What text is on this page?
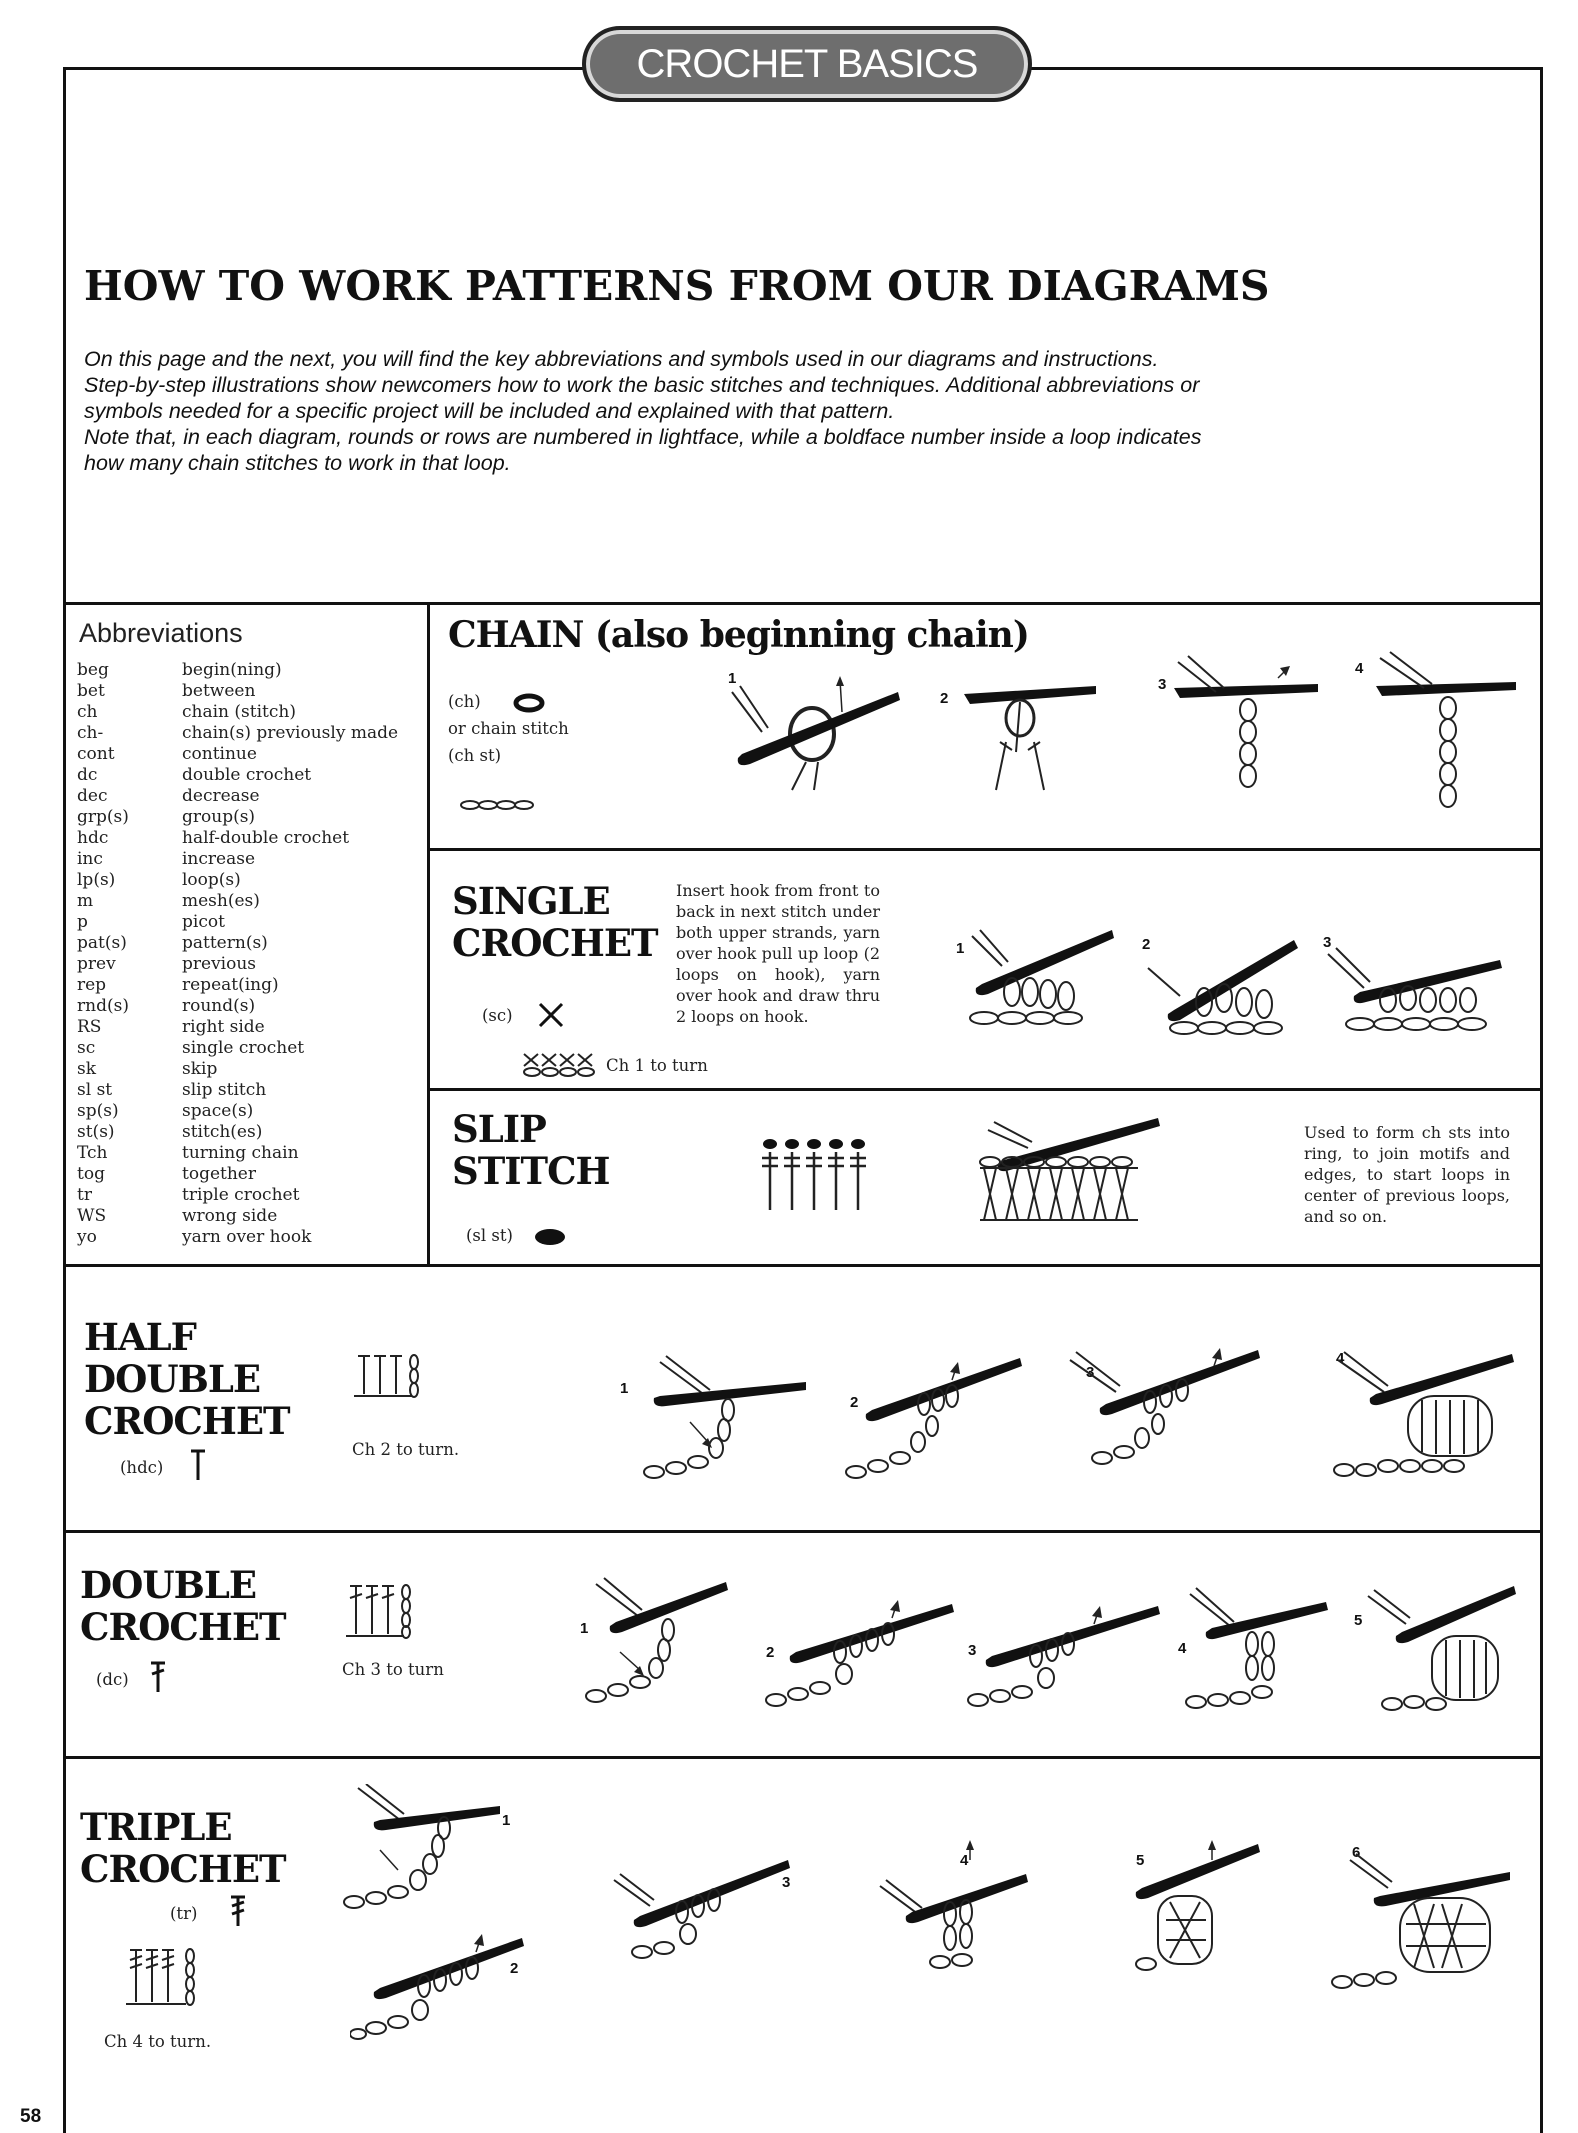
CROCHET BASICS
HOW TO WORK PATTERNS FROM OUR DIAGRAMS

On this page and the next, you will find the key abbreviations and symbols used in our diagrams and instructions.

Step-by-step illustrations show newcomers how to work the basic stitches and techniques. Additional abbreviations or

symbols needed for a specific project will be included and explained with that pattern.

Note that, in each diagram, rounds or rows are numbered in lightface, while a boldface number inside a loop indicates

how many chain stitches to work in that loop.

Abbreviations
beg	begin(ning)
bet	between
ch	chain (stitch)
ch-	chain(s) previously made
cont	continue
dc	double crochet
dec	decrease
grp(s)	group(s)
hdc	half-double crochet
inc	increase
lp(s)	loop(s)
m	mesh(es)
p	picot
pat(s)	pattern(s)
prev	previous
rep	repeat(ing)
rnd(s)	round(s)
RS	right side
sc	single crochet
sk	skip
sl st	slip stitch
sp(s)	space(s)
st(s)	stitch(es)
Tch	turning chain
tog	together
tr	triple crochet
WS	wrong side
yo	yarn over hook
CHAIN (also beginning chain)
(ch)
or chain stitch
(ch st)
1
2
3
4
SINGLE
CROCHET
(sc)
Ch 1 to turn
Insert hook from front to back in next stitch under both upper strands, yarn over hook pull up loop (2 loops on hook), yarn over hook and draw thru 2 loops on hook.
1	2	3
SLIP
STITCH
(sl st)
Used to form ch sts into ring, to join motifs and edges, to start loops in center of previous loops, and so on.
HALF
DOUBLE
CROCHET
(hdc)
Ch 2 to turn.
1
2
3
4
DOUBLE
CROCHET
(dc)
Ch 3 to turn
1
2	3	4
5
TRIPLE
CROCHET
(tr)
Ch 4 to turn.
1
2
3
4	5	6
58
